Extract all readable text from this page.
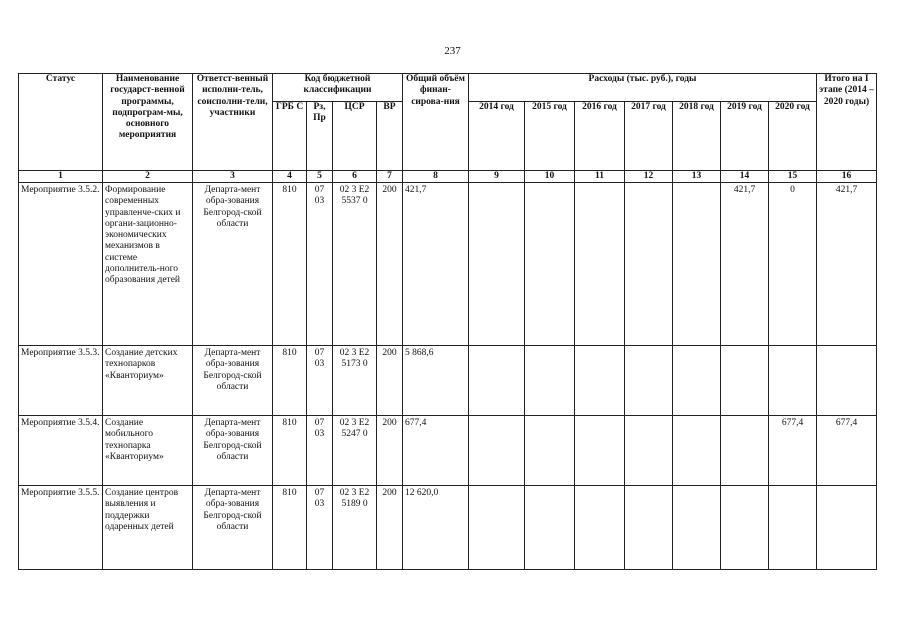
237
Статус	Наименование государст-венной программы, подпрограм-мы, основного мероприятия	Ответст-венный исполни-тель, соисполни-тели, участники	Код бюджетной классификации				Общий объём финан-сирова-ния	Расходы (тыс. руб.), годы							Итого на I этапе (2014 – 2020 годы)
			ГРБ С	Рз, Пр	ЦСР	ВР		2014 год	2015 год	2016 год	2017 год	2018 год	2019 год	2020 год	
1	2	3	4	5	6	7	8	9	10	11	12	13	14	15	16
Мероприятие 3.5.2.	Формирование современных управленче-ских и органи-зационно-экономических механизмов в системе дополнитель-ного образования детей	Департа-мент обра-зования Белгород-ской области	810	07 03	02 3 Е2 5537 0	200	421,7						421,7	0	421,7
Мероприятие 3.5.3.	Создание детских технопарков «Кванториум»	Департа-мент обра-зования Белгород-ской области	810	07 03	02 3 Е2 5173 0	200	5 868,6								
Мероприятие 3.5.4.	Создание мобильного технопарка «Кванториум»	Департа-мент обра-зования Белгород-ской области	810	07 03	02 3 Е2 5247 0	200	677,4							677,4	677,4
Мероприятие 3.5.5.	Создание центров выявления и поддержки одаренных детей	Департа-мент обра-зования Белгород-ской области	810	07 03	02 3 Е2 5189 0	200	12 620,0								
